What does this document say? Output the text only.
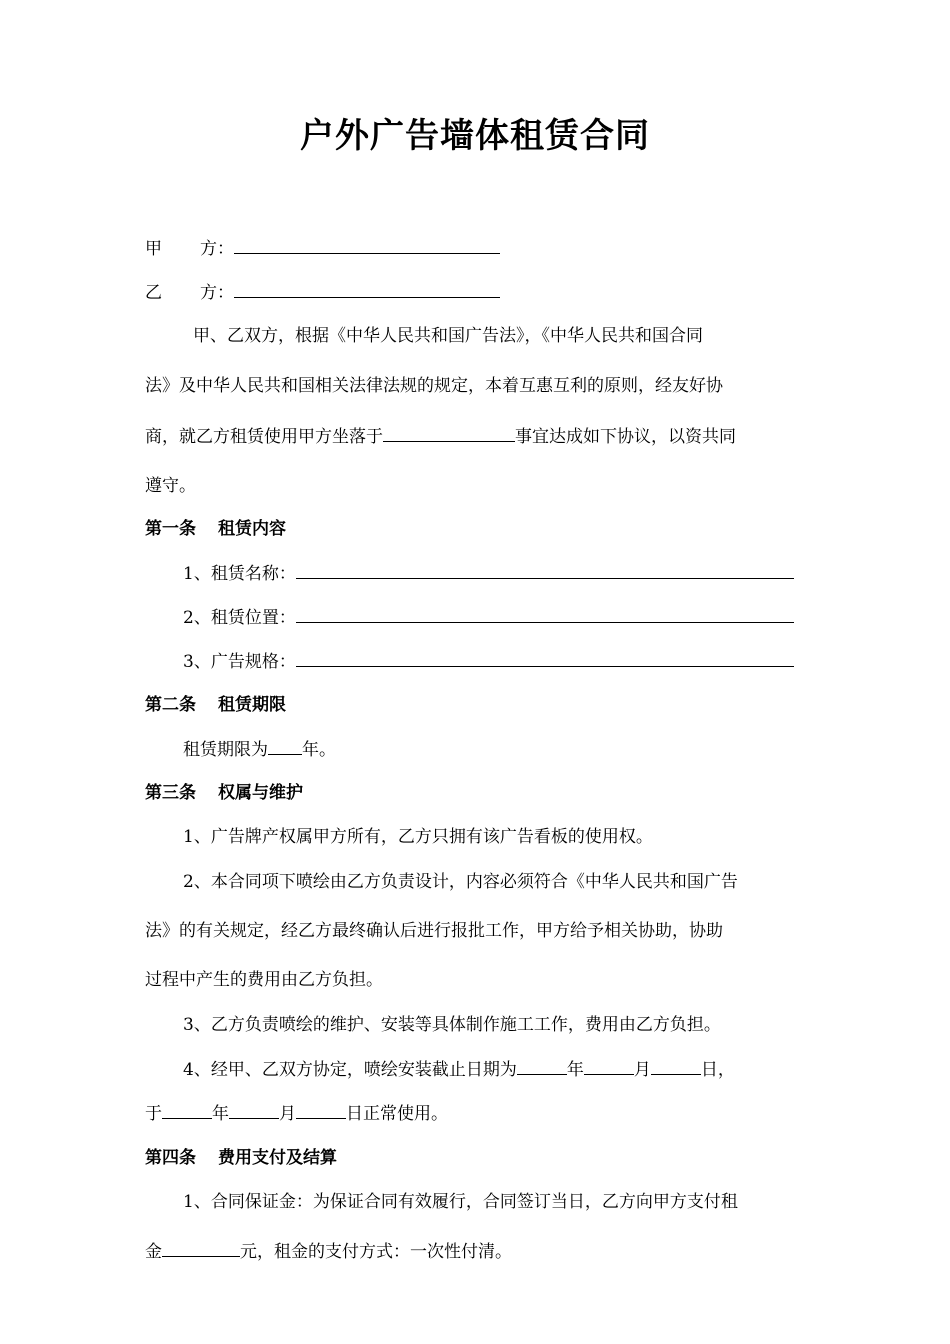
户外广告墙体租赁合同
甲 方：
乙 方：
甲、乙双方，根据《中华人民共和国广告法》，《中华人民共和国合同
法》及中华人民共和国相关法律法规的规定，本着互惠互利的原则，经友好协
商，就乙方租赁使用甲方坐落于	事宜达成如下协议，以资共同
遵守。
第一条 租赁内容
1、租赁名称：
2、租赁位置：
3、广告规格：
第二条 租赁期限
租赁期限为 年。
第三条 权属与维护
1、广告牌产权属甲方所有，乙方只拥有该广告看板的使用权。
2、本合同项下喷绘由乙方负责设计，内容必须符合《中华人民共和国广告
法》的有关规定，经乙方最终确认后进行报批工作，甲方给予相关协助，协助
过程中产生的费用由乙方负担。
3、乙方负责喷绘的维护、安装等具体制作施工工作，费用由乙方负担。
4、经甲、乙双方协定，喷绘安装截止日期为	年	月	日，
于	年	月	日正常使用。
第四条 费用支付及结算
1、合同保证金：为保证合同有效履行，合同签订当日，乙方向甲方支付租
金	元，租金的支付方式：一次性付清。
